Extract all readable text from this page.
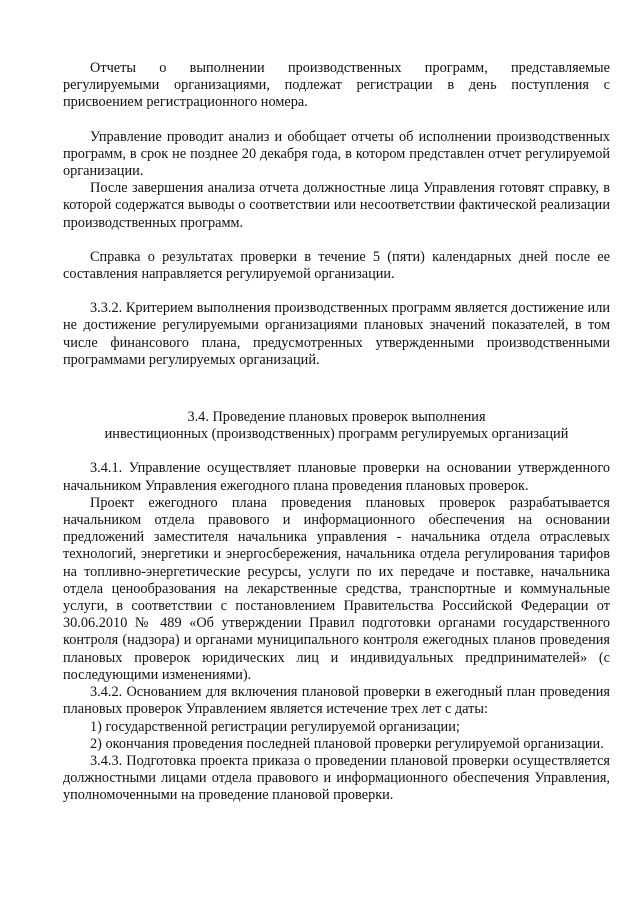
Отчеты о выполнении производственных программ, представляемые регулируемыми организациями, подлежат регистрации в день поступления с присвоением регистрационного номера.

Управление проводит анализ и обобщает отчеты об исполнении производственных программ, в срок не позднее 20 декабря года, в котором представлен отчет регулируемой организации.

После завершения анализа отчета должностные лица Управления готовят справку, в которой содержатся выводы о соответствии или несоответствии фактической реализации производственных программ.

Справка о результатах проверки в течение 5 (пяти) календарных дней после ее составления направляется регулируемой организации.

3.3.2. Критерием выполнения производственных программ является достижение или не достижение регулируемыми организациями плановых значений показателей, в том числе финансового плана, предусмотренных утвержденными производственными программами регулируемых организаций.

3.4. Проведение плановых проверок выполнения
инвестиционных (производственных) программ регулируемых организаций

3.4.1. Управление осуществляет плановые проверки на основании утвержденного начальником Управления ежегодного плана проведения плановых проверок.

Проект ежегодного плана проведения плановых проверок разрабатывается начальником отдела правового и информационного обеспечения на основании предложений заместителя начальника управления - начальника отдела отраслевых технологий, энергетики и энергосбережения, начальника отдела регулирования тарифов на топливно-энергетические ресурсы, услуги по их передаче и поставке, начальника отдела ценообразования на лекарственные средства, транспортные и коммунальные услуги, в соответствии с постановлением Правительства Российской Федерации от 30.06.2010 № 489 «Об утверждении Правил подготовки органами государственного контроля (надзора) и органами муниципального контроля ежегодных планов проведения плановых проверок юридических лиц и индивидуальных предпринимателей» (с последующими изменениями).

3.4.2. Основанием для включения плановой проверки в ежегодный план проведения плановых проверок Управлением является истечение трех лет с даты:

1) государственной регистрации регулируемой организации;

2) окончания проведения последней плановой проверки регулируемой организации.

3.4.3. Подготовка проекта приказа о проведении плановой проверки осуществляется должностными лицами отдела правового и информационного обеспечения Управления, уполномоченными на проведение плановой проверки.
